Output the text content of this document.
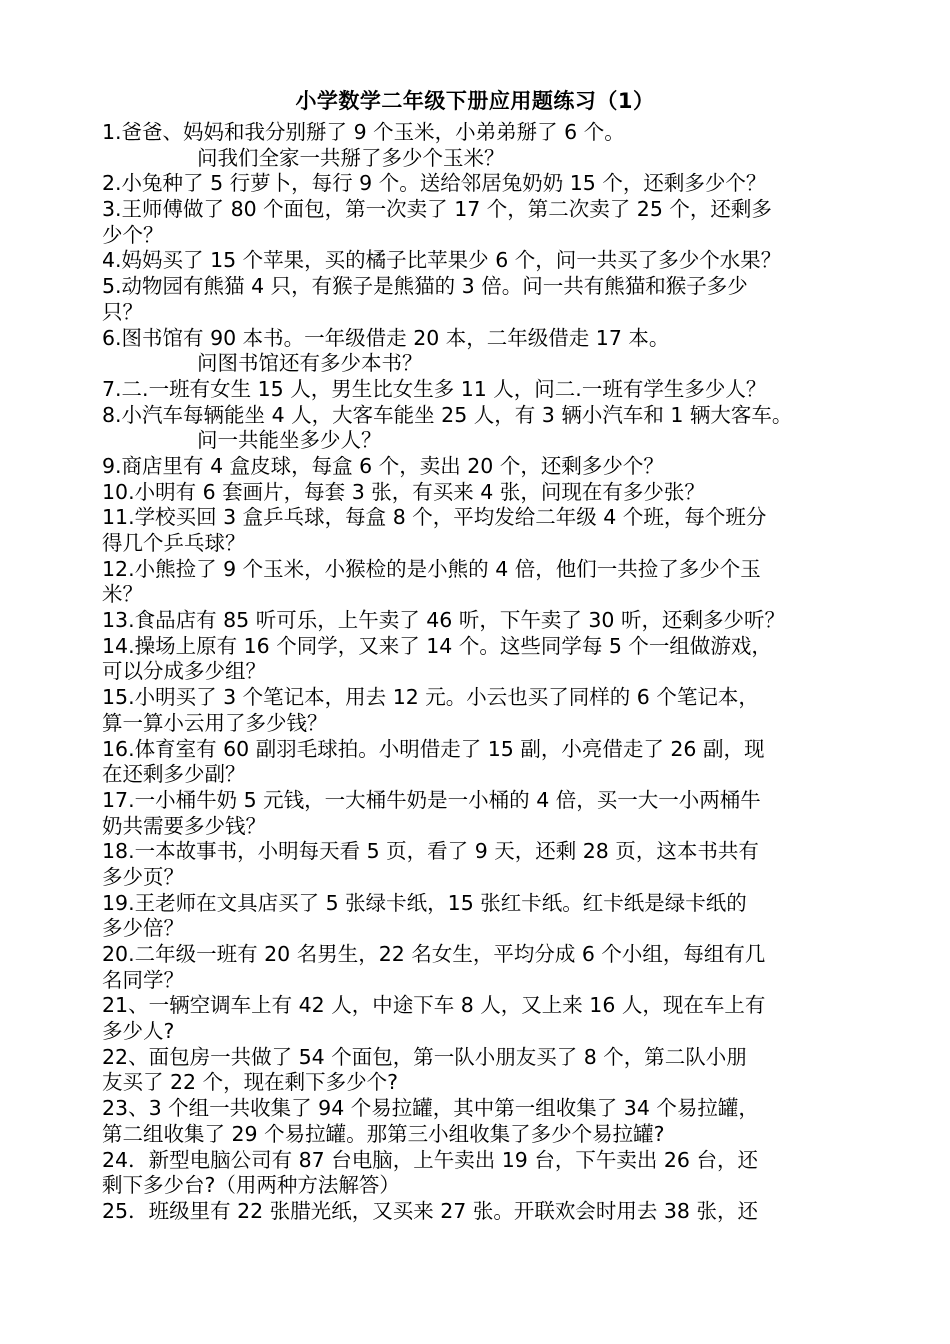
小学数学二年级下册应用题练习（1）
1.爸爸、妈妈和我分别掰了 9 个玉米，小弟弟掰了 6 个。
问我们全家一共掰了多少个玉米？
2.小兔种了 5 行萝卜，每行 9 个。送给邻居兔奶奶 15 个，还剩多少个？
3.王师傅做了 80 个面包，第一次卖了 17 个，第二次卖了 25 个，还剩多
少个？
4.妈妈买了 15 个苹果，买的橘子比苹果少 6 个，问一共买了多少个水果？
5.动物园有熊猫 4 只，有猴子是熊猫的 3 倍。问一共有熊猫和猴子多少
只？
6.图书馆有 90 本书。一年级借走 20 本，二年级借走 17 本。
问图书馆还有多少本书？
7.二.一班有女生 15 人，男生比女生多 11 人，问二.一班有学生多少人？
8.小汽车每辆能坐 4 人，大客车能坐 25 人，有 3 辆小汽车和 1 辆大客车。
问一共能坐多少人？
9.商店里有 4 盒皮球，每盒 6 个，卖出 20 个，还剩多少个？
10.小明有 6 套画片，每套 3 张，有买来 4 张，问现在有多少张？
11.学校买回 3 盒乒乓球，每盒 8 个，平均发给二年级 4 个班，每个班分
得几个乒乓球？
12.小熊捡了 9 个玉米，小猴检的是小熊的 4 倍，他们一共捡了多少个玉
米？
13.食品店有 85 听可乐，上午卖了 46 听，下午卖了 30 听，还剩多少听？
14.操场上原有 16 个同学，又来了 14 个。这些同学每 5 个一组做游戏，
可以分成多少组？
15.小明买了 3 个笔记本，用去 12 元。小云也买了同样的 6 个笔记本，
算一算小云用了多少钱？
16.体育室有 60 副羽毛球拍。小明借走了 15 副，小亮借走了 26 副，现
在还剩多少副？
17.一小桶牛奶 5 元钱，一大桶牛奶是一小桶的 4 倍，买一大一小两桶牛
奶共需要多少钱？
18.一本故事书，小明每天看 5 页，看了 9 天，还剩 28 页，这本书共有
多少页？
19.王老师在文具店买了 5 张绿卡纸，15 张红卡纸。红卡纸是绿卡纸的
多少倍？
20.二年级一班有 20 名男生，22 名女生，平均分成 6 个小组，每组有几
名同学？
21、一辆空调车上有 42 人，中途下车 8 人，又上来 16 人，现在车上有
多少人?
22、面包房一共做了 54 个面包，第一队小朋友买了 8 个，第二队小朋
友买了 22 个，现在剩下多少个?
23、3 个组一共收集了 94 个易拉罐，其中第一组收集了 34 个易拉罐，
第二组收集了 29 个易拉罐。那第三小组收集了多少个易拉罐?
24．新型电脑公司有 87 台电脑，上午卖出 19 台，下午卖出 26 台，还
剩下多少台?（用两种方法解答）
25．班级里有 22 张腊光纸，又买来 27 张。开联欢会时用去 38 张，还
